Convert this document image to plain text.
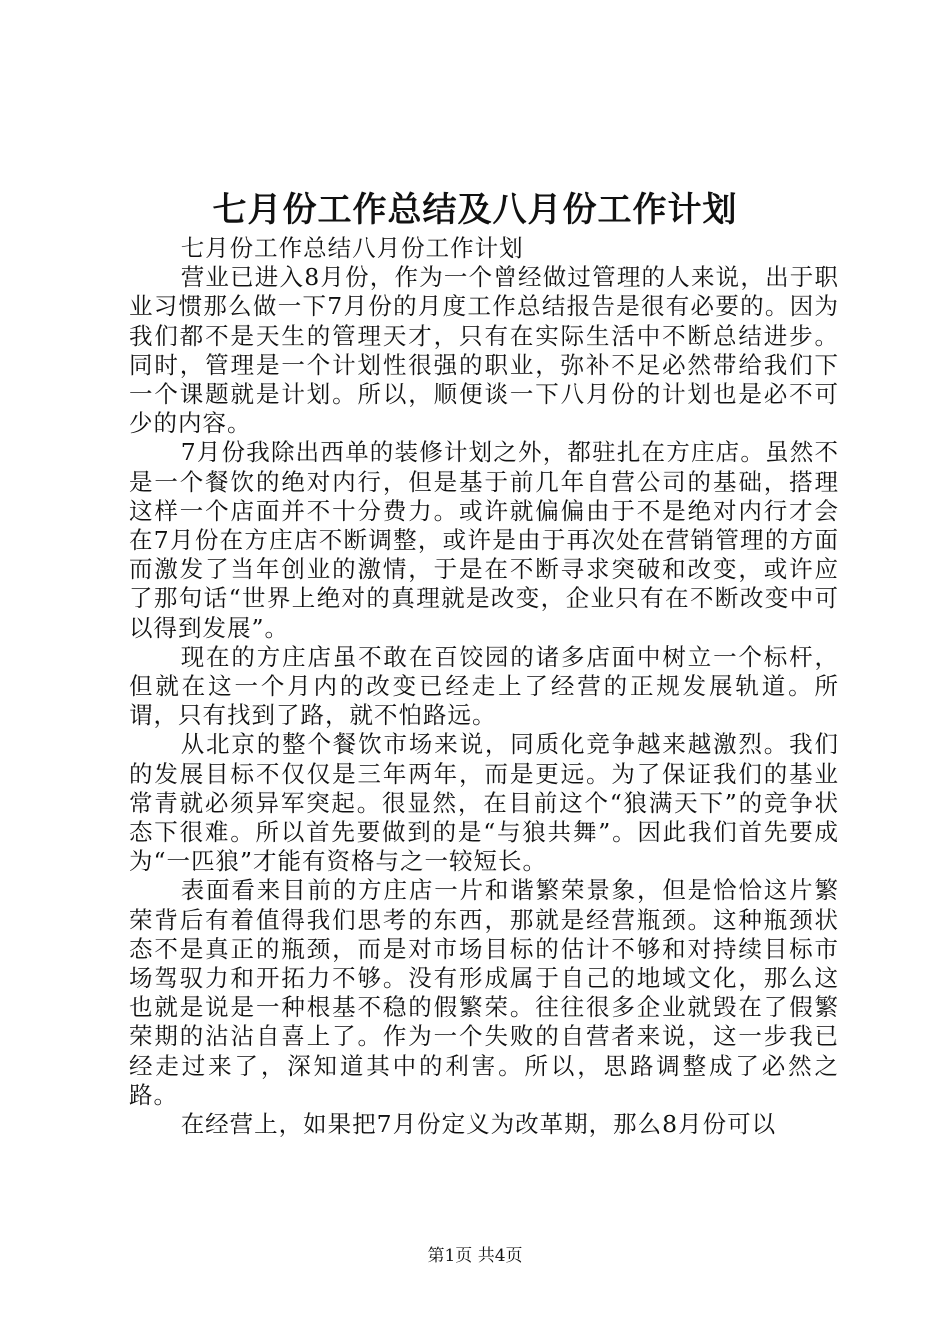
七月份工作总结及八月份工作计划

七月份工作总结八月份工作计划

营业已进入8月份，作为一个曾经做过管理的人来说，出于职业习惯那么做一下7月份的月度工作总结报告是很有必要的。因为我们都不是天生的管理天才，只有在实际生活中不断总结进步。同时，管理是一个计划性很强的职业，弥补不足必然带给我们下一个课题就是计划。所以，顺便谈一下八月份的计划也是必不可少的内容。

7月份我除出西单的装修计划之外，都驻扎在方庄店。虽然不是一个餐饮的绝对内行，但是基于前几年自营公司的基础，搭理这样一个店面并不十分费力。或许就偏偏由于不是绝对内行才会在7月份在方庄店不断调整，或许是由于再次处在营销管理的方面而激发了当年创业的激情，于是在不断寻求突破和改变，或许应了那句话“世界上绝对的真理就是改变，企业只有在不断改变中可以得到发展”。

现在的方庄店虽不敢在百饺园的诸多店面中树立一个标杆，但就在这一个月内的改变已经走上了经营的正规发展轨道。所谓，只有找到了路，就不怕路远。

从北京的整个餐饮市场来说，同质化竞争越来越激烈。我们的发展目标不仅仅是三年两年，而是更远。为了保证我们的基业常青就必须异军突起。很显然，在目前这个“狼满天下”的竞争状态下很难。所以首先要做到的是“与狼共舞”。因此我们首先要成为“一匹狼”才能有资格与之一较短长。

表面看来目前的方庄店一片和谐繁荣景象，但是恰恰这片繁荣背后有着值得我们思考的东西，那就是经营瓶颈。这种瓶颈状态不是真正的瓶颈，而是对市场目标的估计不够和对持续目标市场驾驭力和开拓力不够。没有形成属于自己的地域文化，那么这也就是说是一种根基不稳的假繁荣。往往很多企业就毁在了假繁荣期的沾沾自喜上了。作为一个失败的自营者来说，这一步我已经走过来了，深知道其中的利害。所以，思路调整成了必然之路。

在经营上，如果把7月份定义为改革期，那么8月份可以

第1页 共4页
